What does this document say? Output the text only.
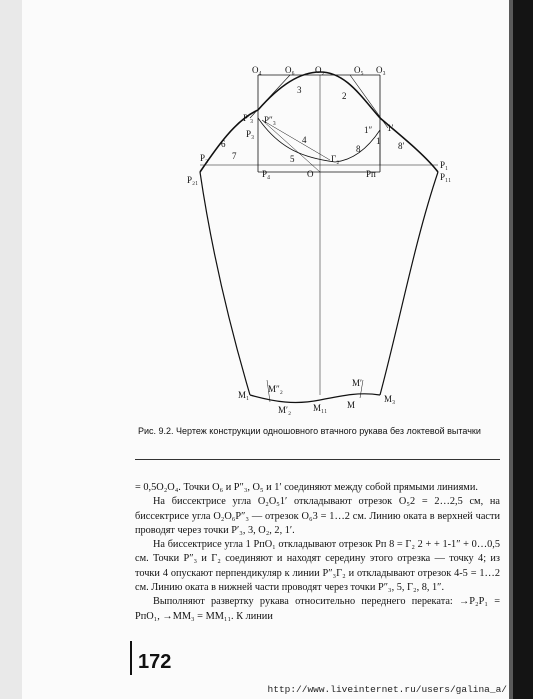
O₄	O₆ O₂	O₅ O₃
3
2
P″₃
P′₃
P₃
4
1″ 1′
1
6
7	5	Г₂
8	8′
P₂
P₂₁
P₄	O	Pп
P₁
P₁₁
M₁
M″₂
M′₂ M₁₁ M
M′
M₃
Рис. 9.2. Чертеж конструкции одношовного втачного рукава без локтевой вытачки

= 0,5O₂O₄. Точки O₆ и P″₃, O₅ и 1′ соединяют между собой прямыми линиями.

На биссектрисе угла O₂O₅1′ откладывают отрезок O₅2 = 2…2,5 см, на биссектрисе угла O₂O₆P″₃ — отрезок O₆3 = 1…2 см. Линию оката в верхней части проводят через точки P′₃, 3, O₂, 2, 1′.

На биссектрисе угла 1 PпO₁ откладывают отрезок Pп 8 = Г₂ 2 + + 1-1″ + 0…0,5 см. Точки P″₃ и Г₂ соединяют и находят середину этого отрезка — точку 4; из точки 4 опускают перпендикуляр к линии P″₃Г₂ и откладывают отрезок 4-5 = 1…2 см. Линию оката в нижней части проводят через точки P″₃, 5, Г₂, 8, 1″.

Выполняют развертку рукава относительно переднего переката: →P₂P₁ = PпO₁, →MM₃ = MM₁₁. К линии

172
http://www.liveinternet.ru/users/galina_a/
